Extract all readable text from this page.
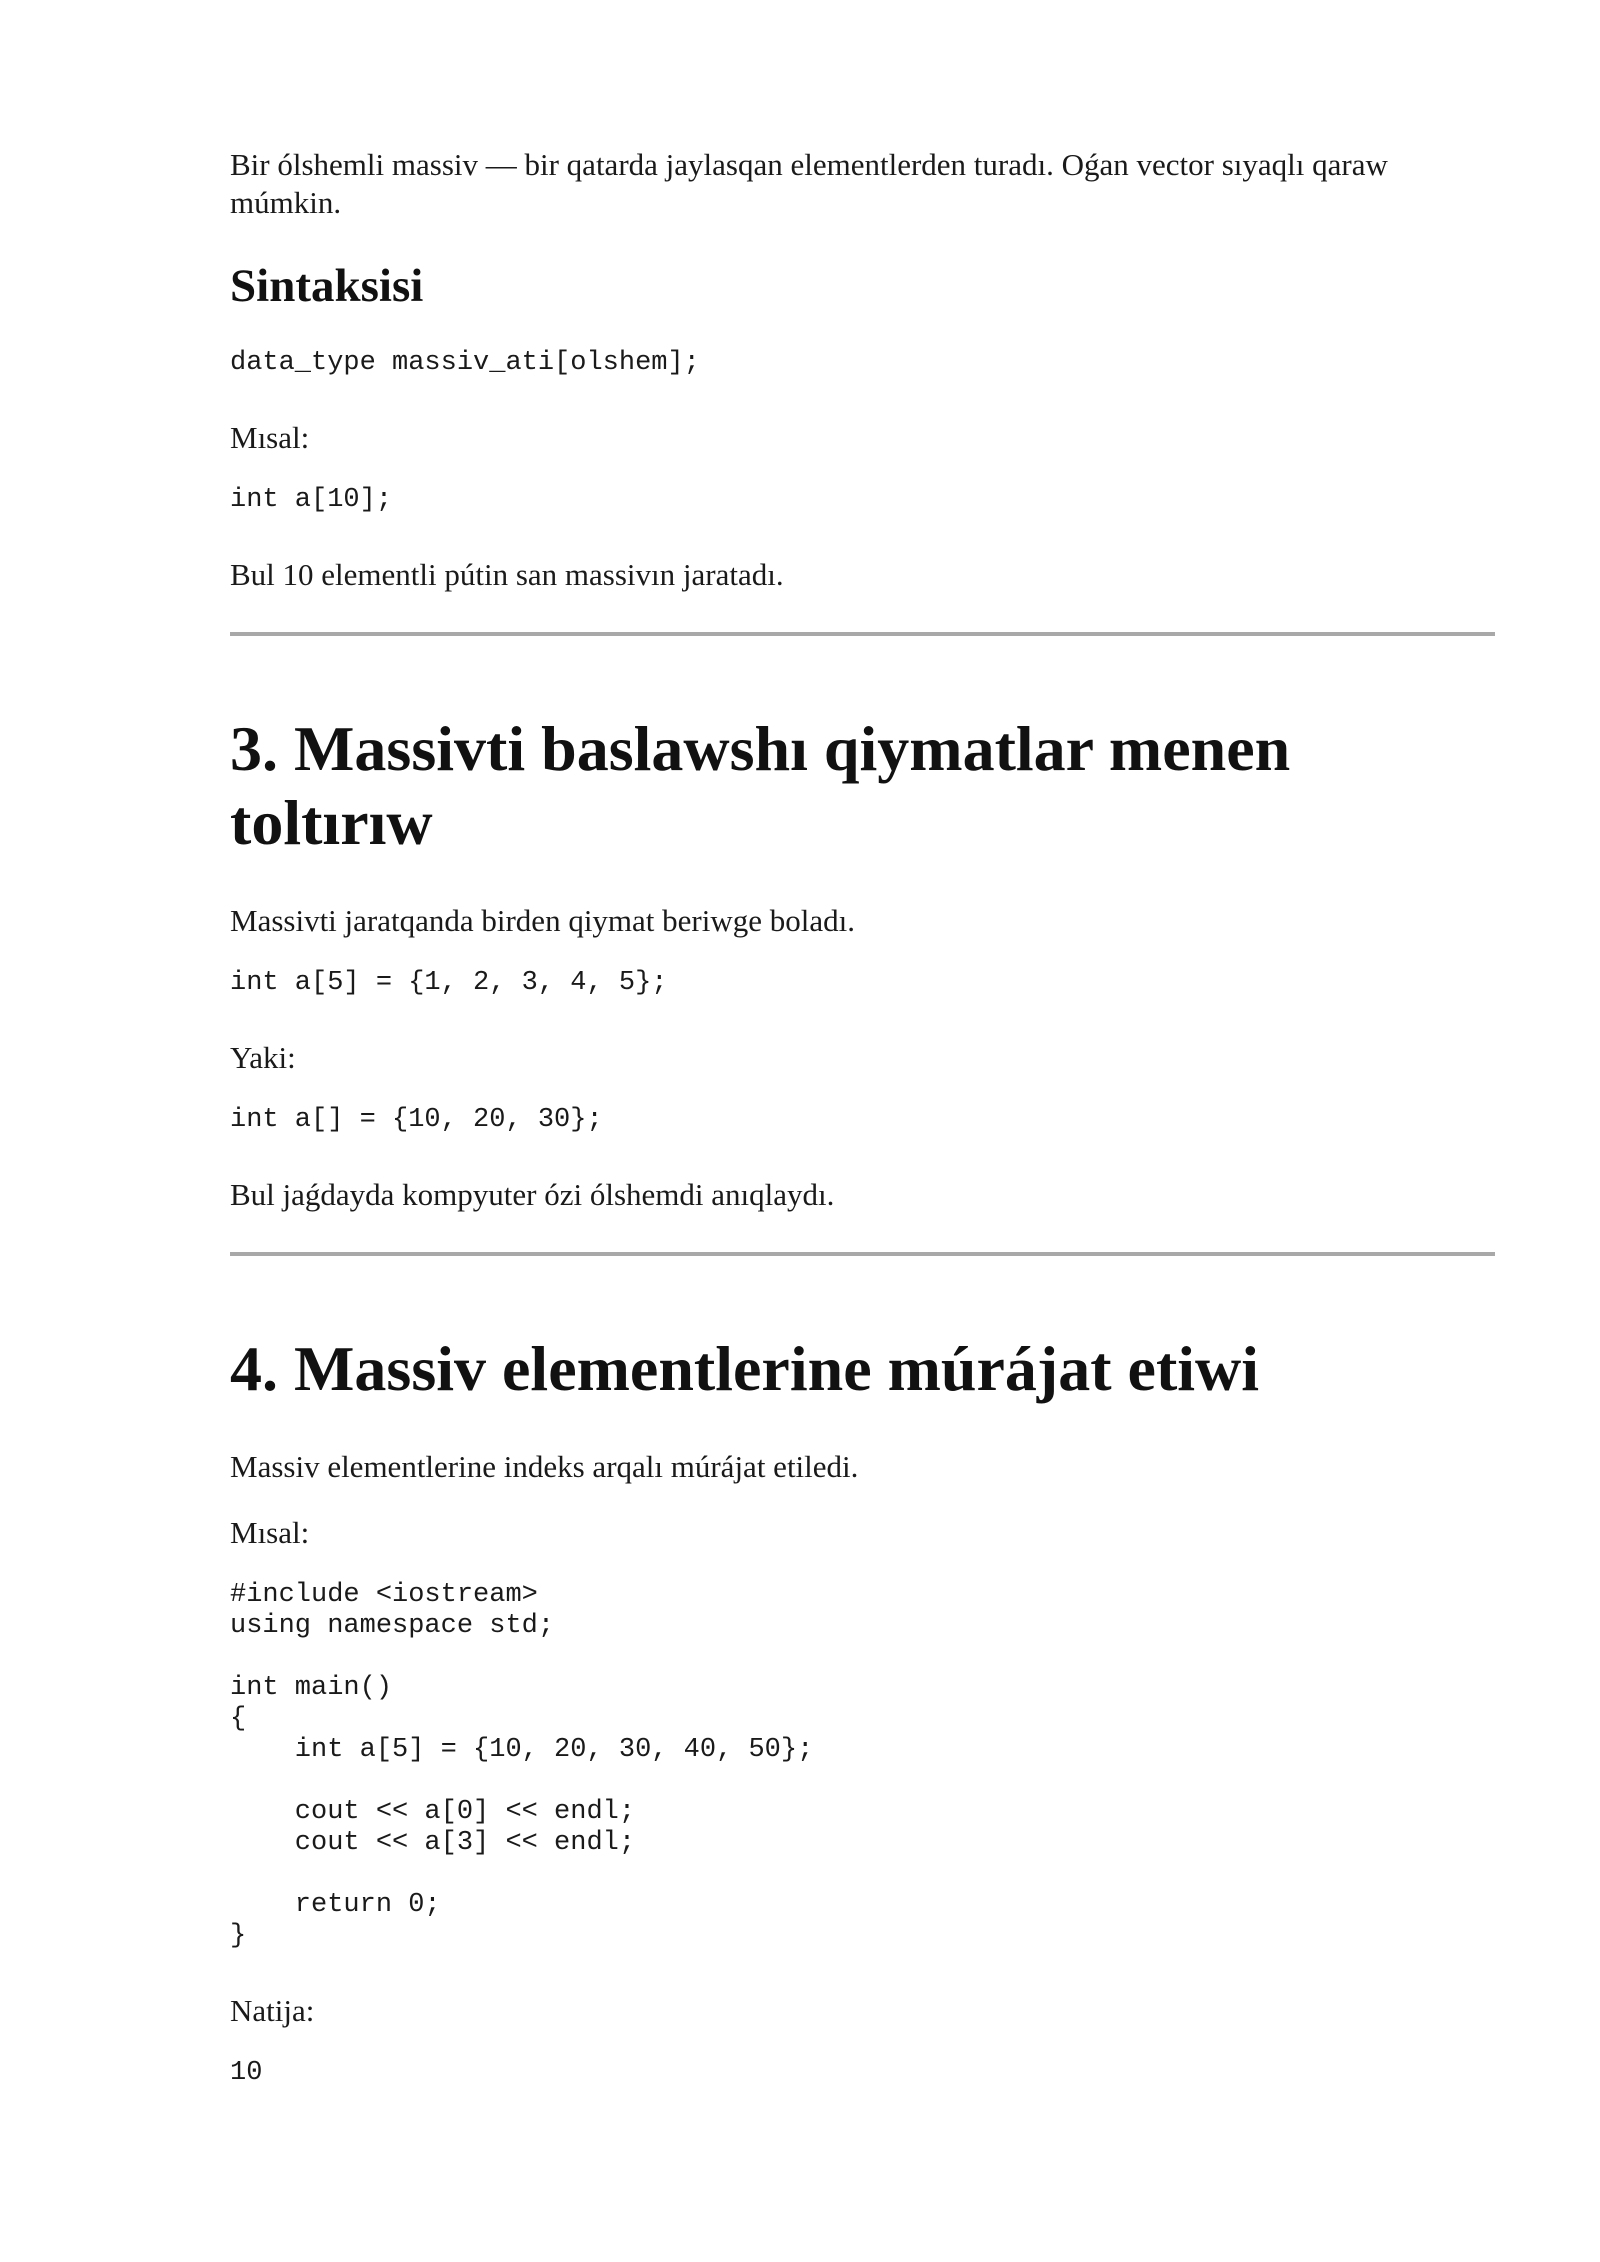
Bir ólshemli massiv — bir qatarda jaylasqan elementlerden turadı. Oǵan vector sıyaqlı qaraw múmkin.

Sintaksisi
data_type massiv_ati[olshem];

Mısal:

int a[10];

Bul 10 elementli pútin san massivın jaratadı.

3. Massivti baslawshı qiymatlar menen toltırıw

Massivti jaratqanda birden qiymat beriwge boladı.

int a[5] = {1, 2, 3, 4, 5};

Yaki:

int a[] = {10, 20, 30};

Bul jaǵdayda kompyuter ózi ólshemdi anıqlaydı.

4. Massiv elementlerine múrájat etiwi

Massiv elementlerine indeks arqalı múrájat etiledi.

Mısal:

#include <iostream>
using namespace std;

int main()
{
int a[5] = {10, 20, 30, 40, 50};

cout << a[0] << endl;
cout << a[3] << endl;

return 0;
}

Natija:

10
